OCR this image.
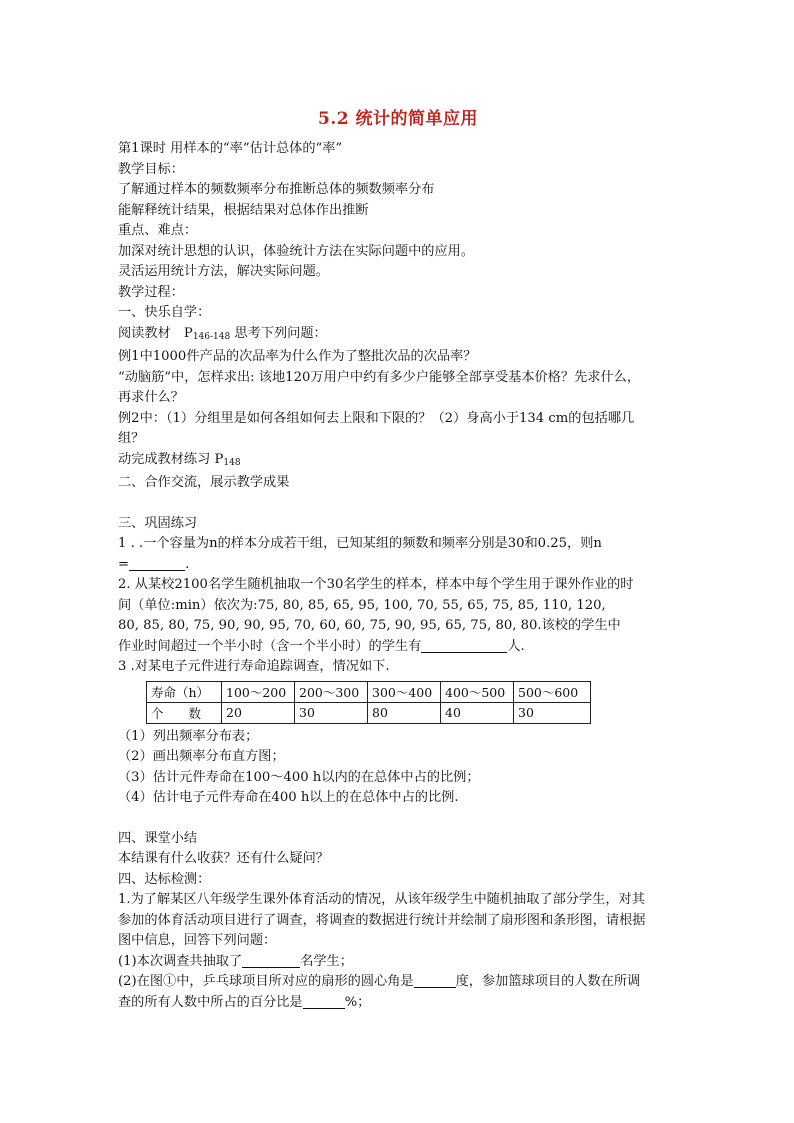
5.2 统计的简单应用

第1课时 用样本的“率”估计总体的“率”

教学目标：

了解通过样本的频数频率分布推断总体的频数频率分布

能解释统计结果，根据结果对总体作出推断

重点、难点：

加深对统计思想的认识，体验统计方法在实际问题中的应用。

灵活运用统计方法，解决实际问题。

教学过程：

一、快乐自学：

阅读教材　$P_{146-148}$ 思考下列问题：

例1中1000件产品的次品率为什么作为了整批次品的次品率？

“动脑筋”中，怎样求出: 该地120万用户中约有多少户能够全部享受基本价格？先求什么，

再求什么？

例2中：（1）分组里是如何各组如何去上限和下限的？（2）身高小于134 cm的包括哪几

组？

动完成教材练习 $P_{148}$

二、合作交流，展示教学成果

三、巩固练习

1 . .一个容量为n的样本分成若干组，已知某组的频数和频率分别是30和0.25，则n

=	.

2. 从某校2100名学生随机抽取一个30名学生的样本，样本中每个学生用于课外作业的时

间（单位:min）依次为:75, 80, 85, 65, 95, 100, 70, 55, 65, 75, 85, 110, 120,

80, 85, 80, 75, 90, 90, 95, 70, 60, 60, 75, 90, 95, 65, 75, 80, 80.该校的学生中

作业时间超过一个半小时（含一个半小时）的学生有	人.

3 .对某电子元件进行寿命追踪调查，情况如下.

寿命（h）	100～200	200～300	300～400	400～500	500～600
个　　数	20	30	80	40	30

（1）列出频率分布表；

（2）画出频率分布直方图；

（3）估计元件寿命在100～400 h以内的在总体中占的比例；

（4）估计电子元件寿命在400 h以上的在总体中占的比例.

四、课堂小结

本结课有什么收获？还有什么疑问？

四、达标检测：

1.为了解某区八年级学生课外体育活动的情况，从该年级学生中随机抽取了部分学生，对其

参加的体育活动项目进行了调查，将调查的数据进行统计并绘制了扇形图和条形图，请根据

图中信息，回答下列问题：

(1)本次调查共抽取了	名学生；

(2)在图①中，乒乓球项目所对应的扇形的圆心角是	度，参加篮球项目的人数在所调

查的所有人数中所占的百分比是	%；
